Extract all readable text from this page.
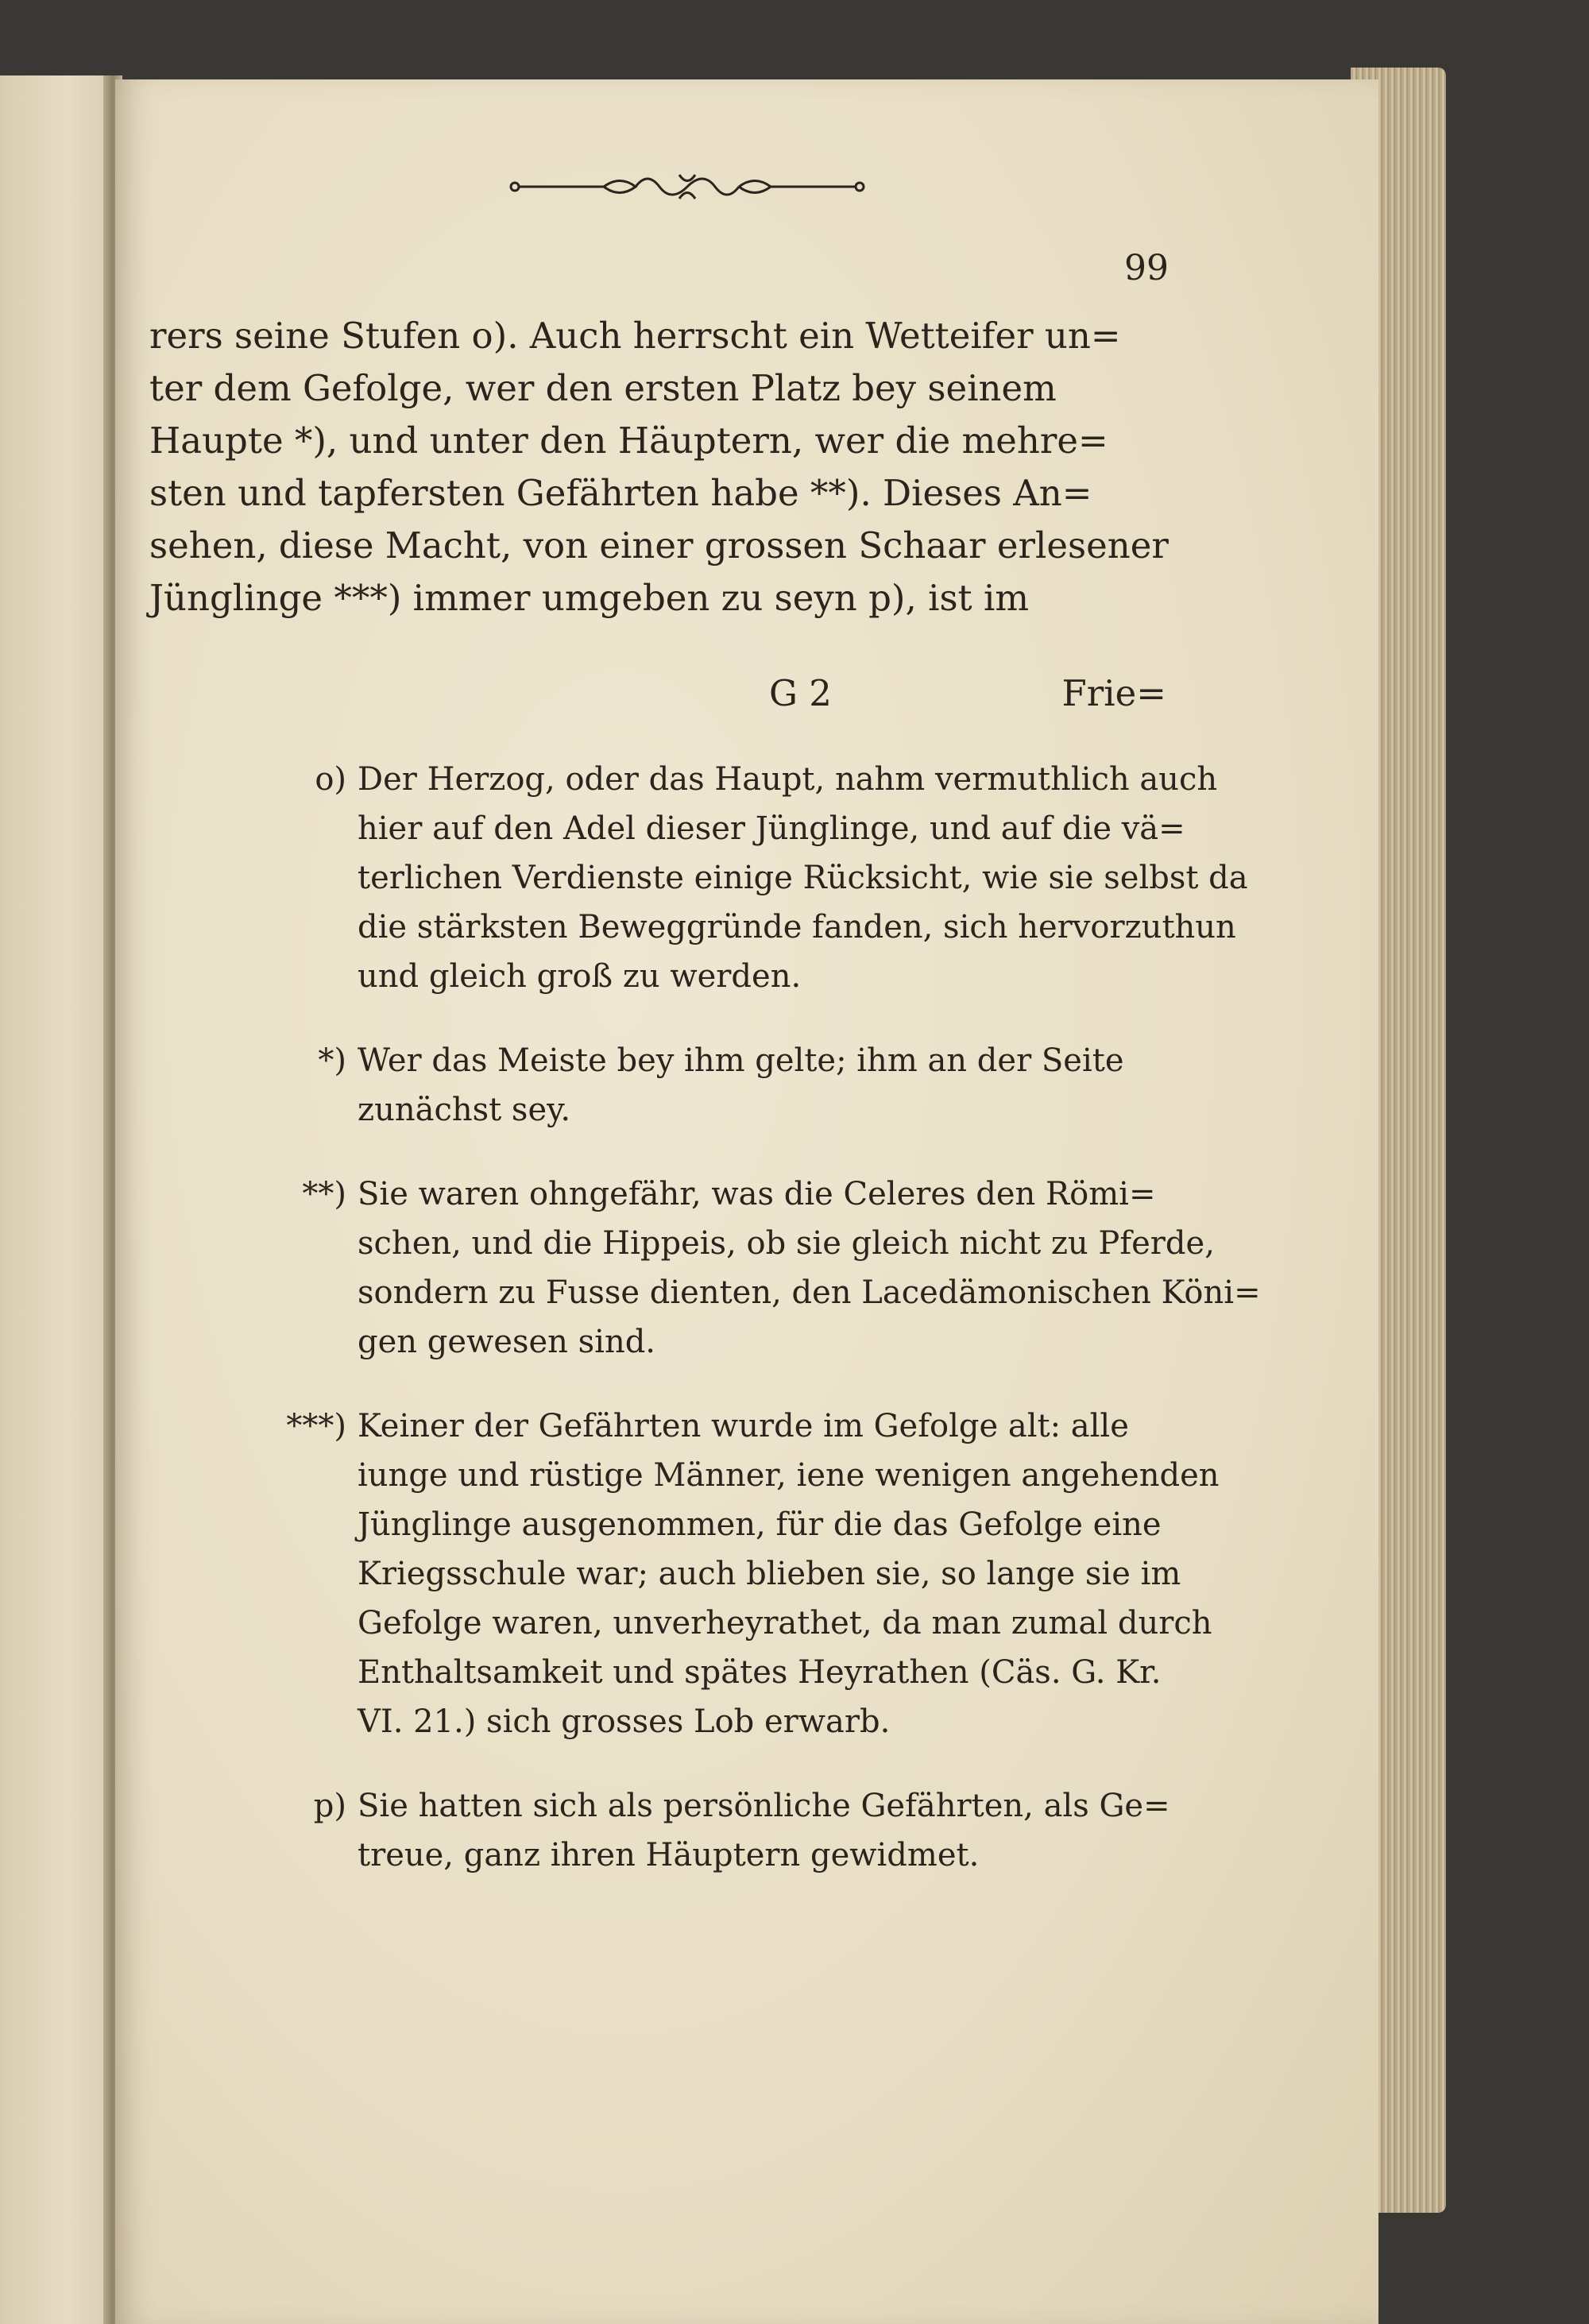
99
rers seine Stufen o). Auch herrscht ein Wetteifer un=
ter dem Gefolge, wer den ersten Platz bey seinem
Haupte *), und unter den Häuptern, wer die mehre=
sten und tapfersten Gefährten habe **). Dieses An=
sehen, diese Macht, von einer grossen Schaar erlesener
Jünglinge ***) immer umgeben zu seyn p), ist im
G 2	Frie=
o) Der Herzog, oder das Haupt, nahm vermuthlich auch
hier auf den Adel dieser Jünglinge, und auf die vä=
terlichen Verdienste einige Rücksicht, wie sie selbst da
die stärksten Beweggründe fanden, sich hervorzuthun
und gleich groß zu werden.
*) Wer das Meiste bey ihm gelte; ihm an der Seite
zunächst sey.
**) Sie waren ohngefähr, was die Celeres den Römi=
schen, und die Hippeis, ob sie gleich nicht zu Pferde,
sondern zu Fusse dienten, den Lacedämonischen Köni=
gen gewesen sind.
***) Keiner der Gefährten wurde im Gefolge alt: alle
iunge und rüstige Männer, iene wenigen angehenden
Jünglinge ausgenommen, für die das Gefolge eine
Kriegsschule war; auch blieben sie, so lange sie im
Gefolge waren, unverheyrathet, da man zumal durch
Enthaltsamkeit und spätes Heyrathen (Cäs. G. Kr.
VI. 21.) sich grosses Lob erwarb.
p) Sie hatten sich als persönliche Gefährten, als Ge=
treue, ganz ihren Häuptern gewidmet.
